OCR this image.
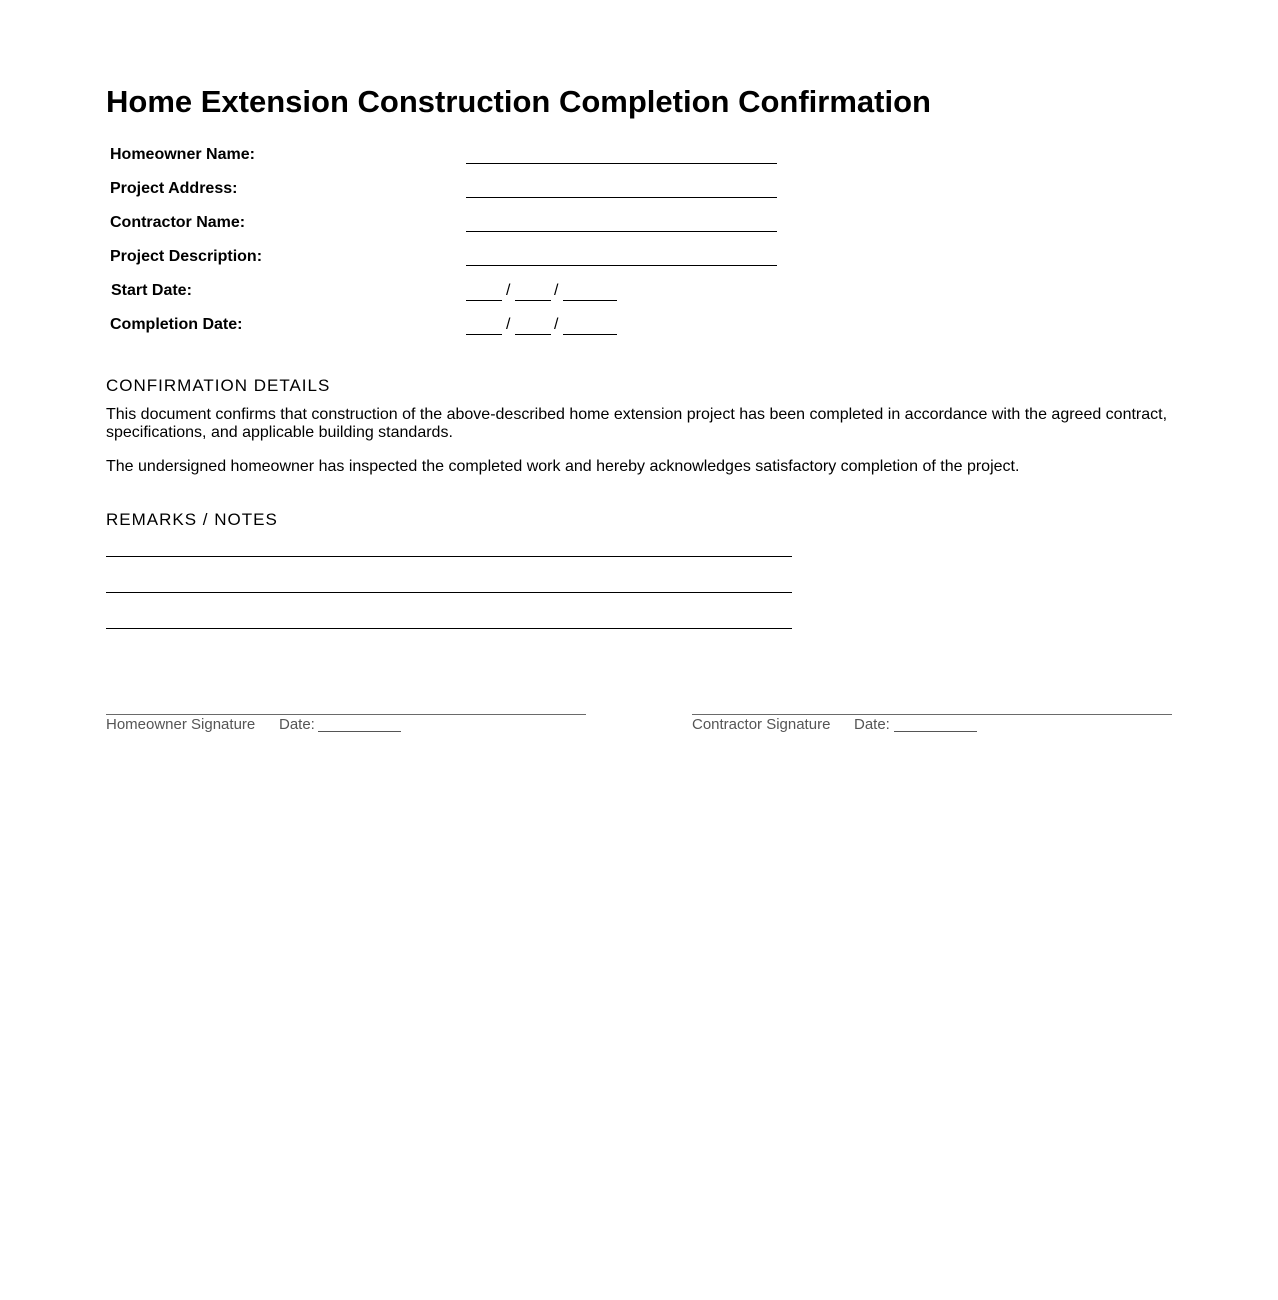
Home Extension Construction Completion Confirmation
Homeowner Name:
Project Address:
Contractor Name:
Project Description:
Start Date:	/	/
Completion Date:	/	/
CONFIRMATION DETAILS

This document confirms that construction of the above-described home extension project has been completed in accordance with the agreed contract, specifications, and applicable building standards.

The undersigned homeowner has inspected the completed work and hereby acknowledges satisfactory completion of the project.

REMARKS / NOTES
Homeowner Signature Date:	Contractor Signature Date:
